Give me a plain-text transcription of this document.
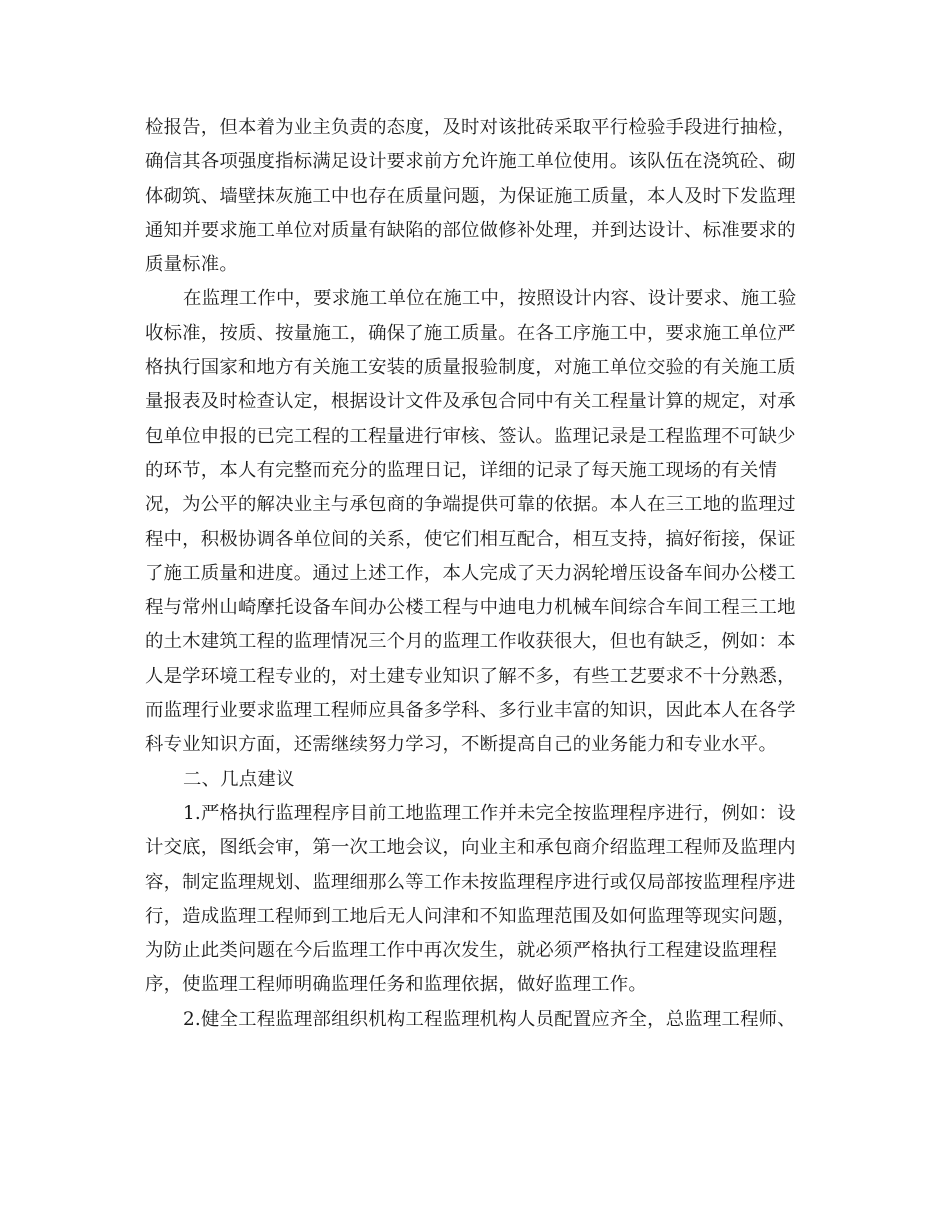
检报告，但本着为业主负责的态度，及时对该批砖采取平行检验手段进行抽检，
确信其各项强度指标满足设计要求前方允许施工单位使用。该队伍在浇筑砼、砌
体砌筑、墙壁抹灰施工中也存在质量问题，为保证施工质量，本人及时下发监理
通知并要求施工单位对质量有缺陷的部位做修补处理，并到达设计、标准要求的
质量标准。
在监理工作中，要求施工单位在施工中，按照设计内容、设计要求、施工验
收标准，按质、按量施工，确保了施工质量。在各工序施工中，要求施工单位严
格执行国家和地方有关施工安装的质量报验制度，对施工单位交验的有关施工质
量报表及时检查认定，根据设计文件及承包合同中有关工程量计算的规定，对承
包单位申报的已完工程的工程量进行审核、签认。监理记录是工程监理不可缺少
的环节，本人有完整而充分的监理日记，详细的记录了每天施工现场的有关情
况，为公平的解决业主与承包商的争端提供可靠的依据。本人在三工地的监理过
程中，积极协调各单位间的关系，使它们相互配合，相互支持，搞好衔接，保证
了施工质量和进度。通过上述工作，本人完成了天力涡轮增压设备车间办公楼工
程与常州山崎摩托设备车间办公楼工程与中迪电力机械车间综合车间工程三工地
的土木建筑工程的监理情况三个月的监理工作收获很大，但也有缺乏，例如：本
人是学环境工程专业的，对土建专业知识了解不多，有些工艺要求不十分熟悉，
而监理行业要求监理工程师应具备多学科、多行业丰富的知识，因此本人在各学
科专业知识方面，还需继续努力学习，不断提高自己的业务能力和专业水平。
二、几点建议
1.严格执行监理程序目前工地监理工作并未完全按监理程序进行，例如：设
计交底，图纸会审，第一次工地会议，向业主和承包商介绍监理工程师及监理内
容，制定监理规划、监理细那么等工作未按监理程序进行或仅局部按监理程序进
行，造成监理工程师到工地后无人问津和不知监理范围及如何监理等现实问题，
为防止此类问题在今后监理工作中再次发生，就必须严格执行工程建设监理程
序，使监理工程师明确监理任务和监理依据，做好监理工作。
2.健全工程监理部组织机构工程监理机构人员配置应齐全，总监理工程师、
